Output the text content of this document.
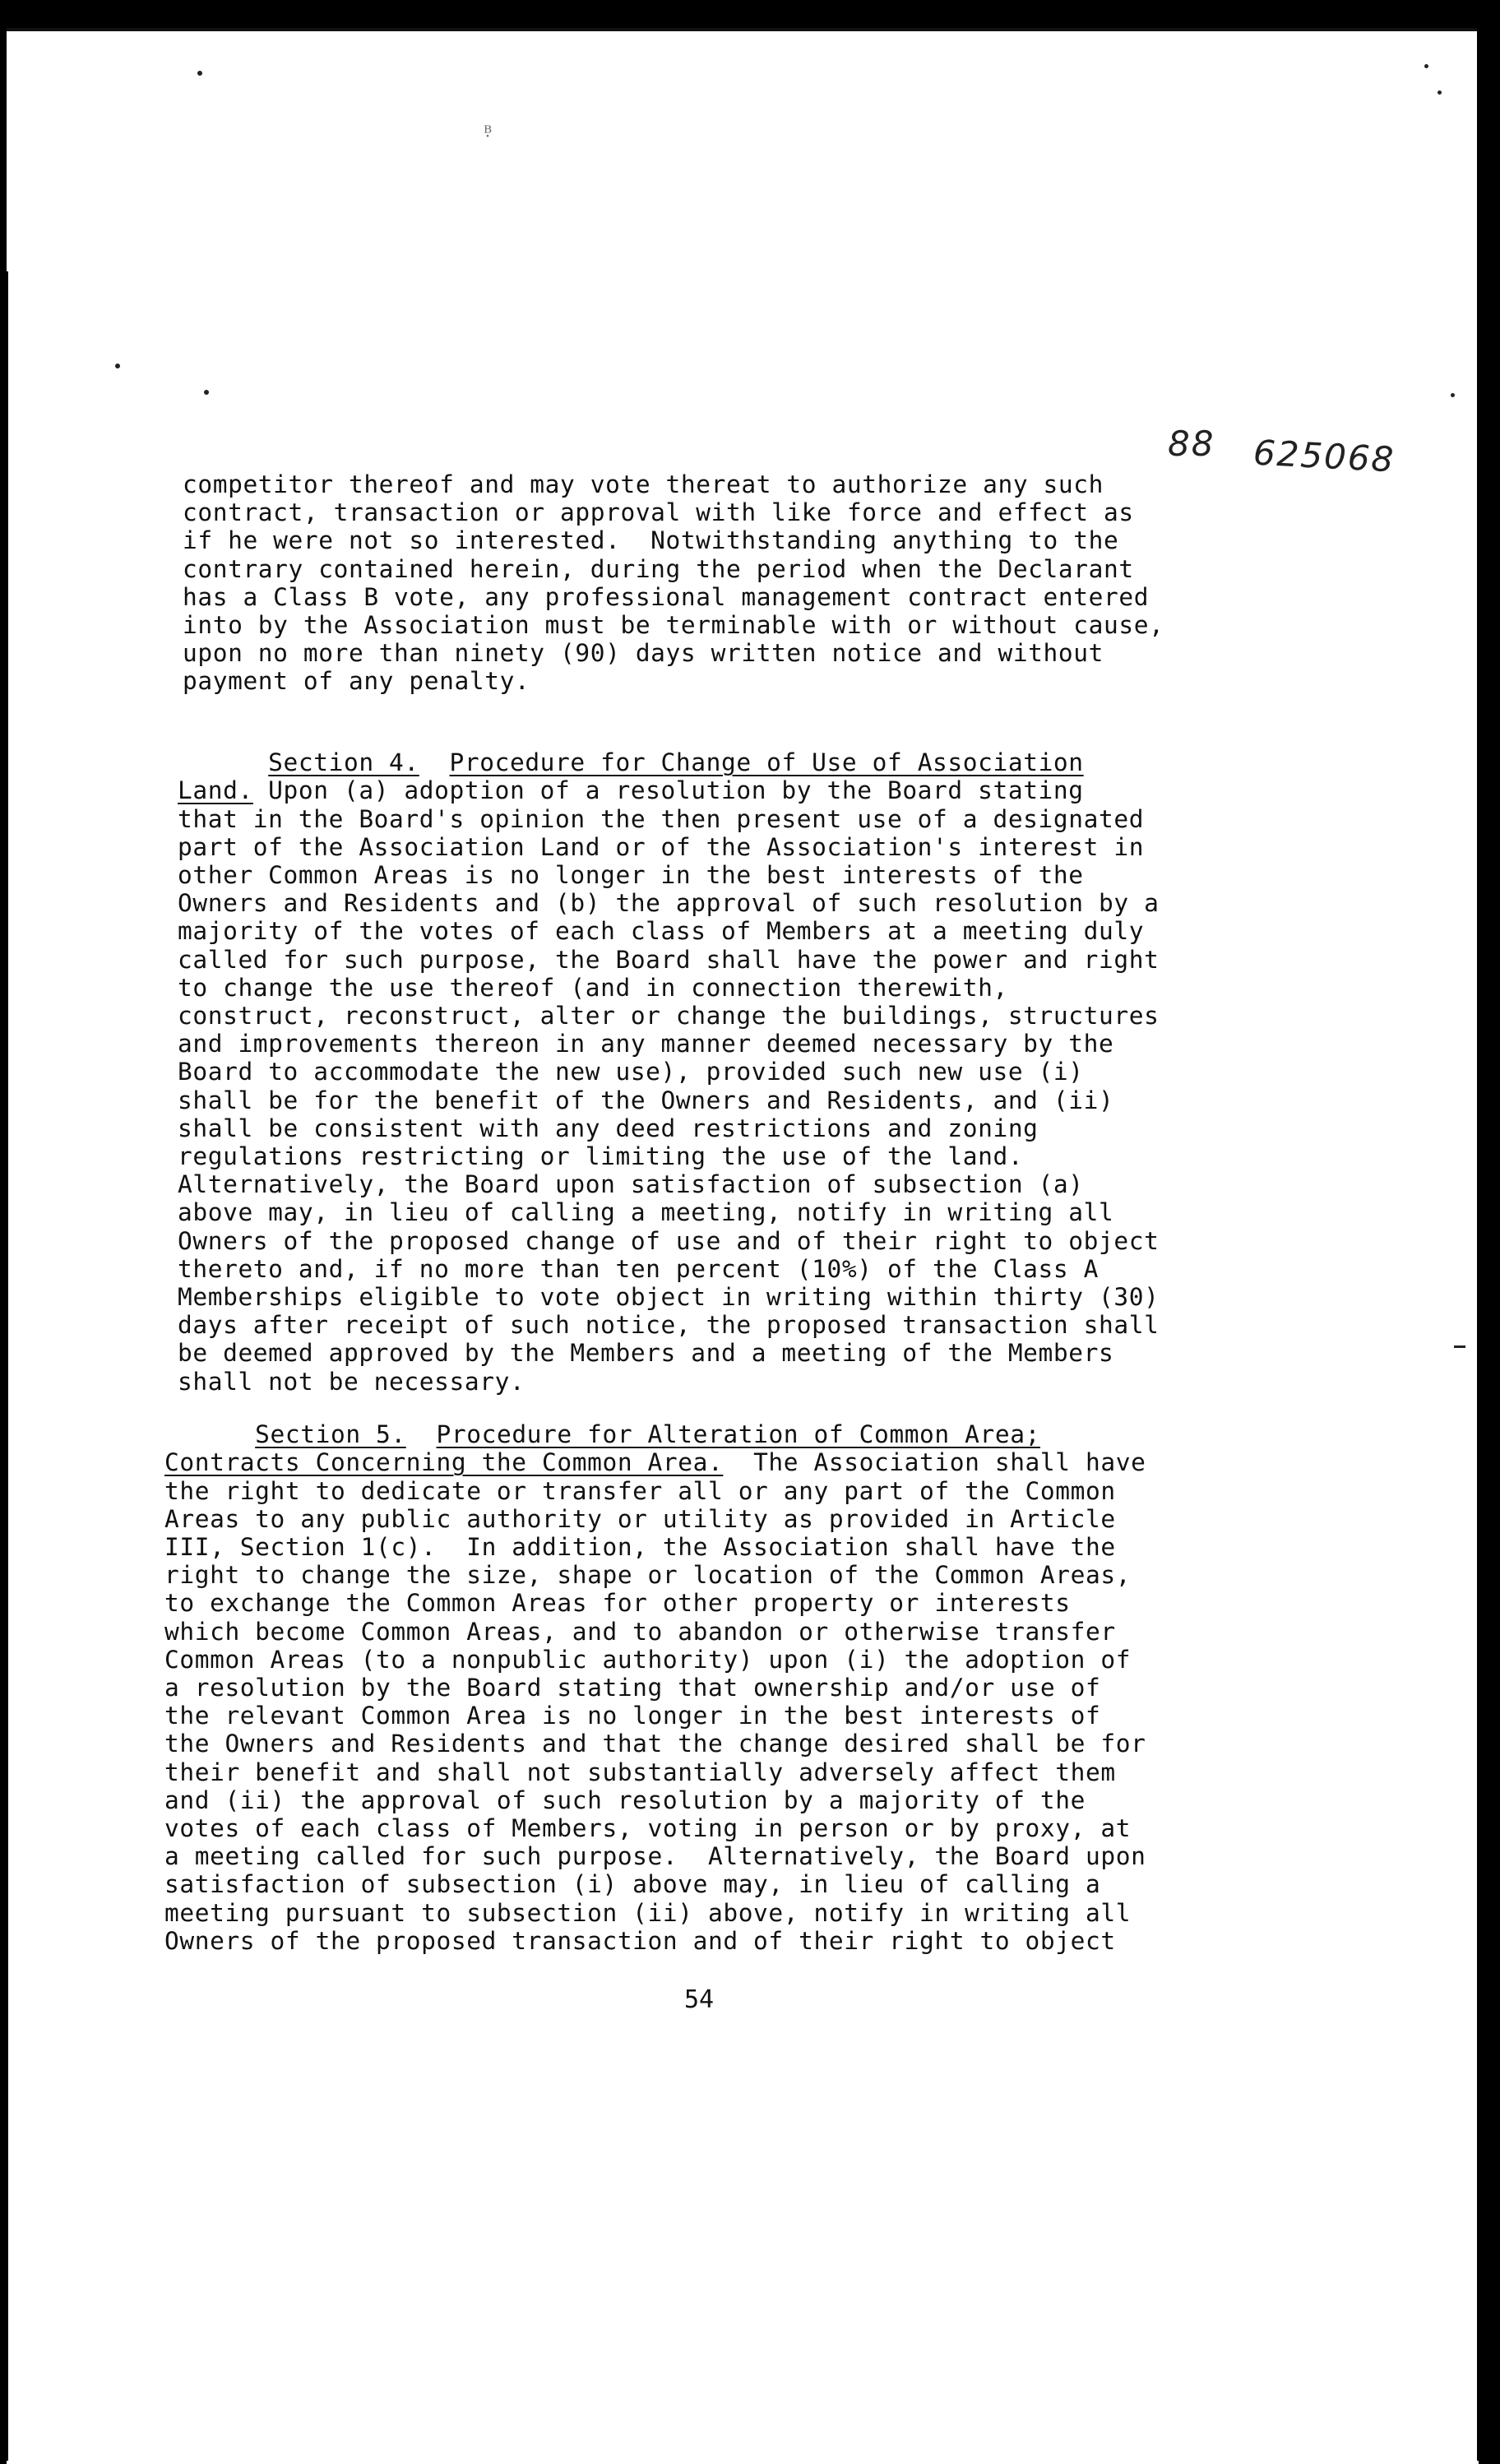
ᴮ̣
88 625068
competitor thereof and may vote thereat to authorize any such
contract, transaction or approval with like force and effect as
if he were not so interested.  Notwithstanding anything to the
contrary contained herein, during the period when the Declarant
has a Class B vote, any professional management contract entered
into by the Association must be terminable with or without cause,
upon no more than ninety (90) days written notice and without
payment of any penalty.

Section 4. Procedure for Change of Use of Association
Land. Upon (a) adoption of a resolution by the Board stating
that in the Board's opinion the then present use of a designated
part of the Association Land or of the Association's interest in
other Common Areas is no longer in the best interests of the
Owners and Residents and (b) the approval of such resolution by a
majority of the votes of each class of Members at a meeting duly
called for such purpose, the Board shall have the power and right
to change the use thereof (and in connection therewith,
construct, reconstruct, alter or change the buildings, structures
and improvements thereon in any manner deemed necessary by the
Board to accommodate the new use), provided such new use (i)
shall be for the benefit of the Owners and Residents, and (ii)
shall be consistent with any deed restrictions and zoning
regulations restricting or limiting the use of the land.
Alternatively, the Board upon satisfaction of subsection (a)
above may, in lieu of calling a meeting, notify in writing all
Owners of the proposed change of use and of their right to object
thereto and, if no more than ten percent (10%) of the Class A
Memberships eligible to vote object in writing within thirty (30)
days after receipt of such notice, the proposed transaction shall
be deemed approved by the Members and a meeting of the Members
shall not be necessary.

Section 5. Procedure for Alteration of Common Area;
Contracts Concerning the Common Area.  The Association shall have
the right to dedicate or transfer all or any part of the Common
Areas to any public authority or utility as provided in Article
III, Section 1(c).  In addition, the Association shall have the
right to change the size, shape or location of the Common Areas,
to exchange the Common Areas for other property or interests
which become Common Areas, and to abandon or otherwise transfer
Common Areas (to a nonpublic authority) upon (i) the adoption of
a resolution by the Board stating that ownership and/or use of
the relevant Common Area is no longer in the best interests of
the Owners and Residents and that the change desired shall be for
their benefit and shall not substantially adversely affect them
and (ii) the approval of such resolution by a majority of the
votes of each class of Members, voting in person or by proxy, at
a meeting called for such purpose.  Alternatively, the Board upon
satisfaction of subsection (i) above may, in lieu of calling a
meeting pursuant to subsection (ii) above, notify in writing all
Owners of the proposed transaction and of their right to object
54
